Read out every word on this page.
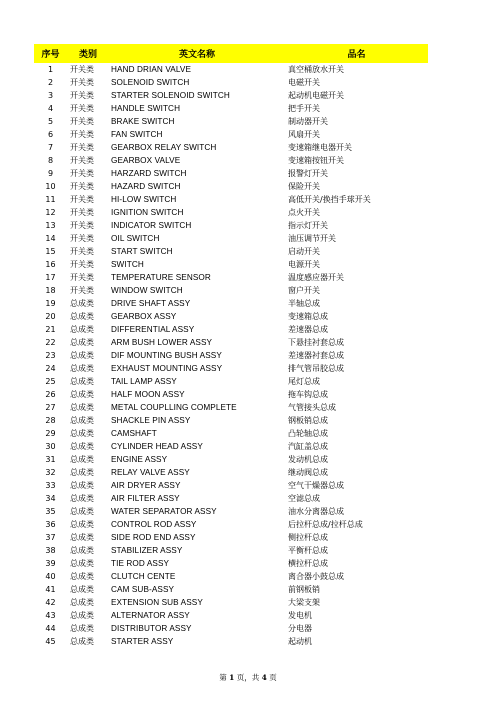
序号	类别	英文名称	品名
1	开关类	HAND DRIAN VALVE	真空桶放水开关
2	开关类	SOLENOID SWITCH	电磁开关
3	开关类	STARTER SOLENOID SWITCH	起动机电磁开关
4	开关类	HANDLE SWITCH	把手开关
5	开关类	BRAKE SWITCH	制动器开关
6	开关类	FAN SWITCH	风扇开关
7	开关类	GEARBOX RELAY SWITCH	变速箱继电器开关
8	开关类	GEARBOX VALVE	变速箱按钮开关
9	开关类	HARZARD SWITCH	报警灯开关
10	开关类	HAZARD SWITCH	保险开关
11	开关类	HI-LOW SWITCH	高低开关/换挡手球开关
12	开关类	IGNITION SWITCH	点火开关
13	开关类	INDICATOR SWITCH	指示灯开关
14	开关类	OIL SWITCH	油压调节开关
15	开关类	START SWITCH	启动开关
16	开关类	SWITCH	电源开关
17	开关类	TEMPERATURE SENSOR	温度感应器开关
18	开关类	WINDOW SWITCH	窗户开关
19	总成类	DRIVE SHAFT ASSY	半轴总成
20	总成类	GEARBOX ASSY	变速箱总成
21	总成类	DIFFERENTIAL ASSY	差速器总成
22	总成类	ARM BUSH LOWER ASSY	下悬挂衬套总成
23	总成类	DIF MOUNTING BUSH ASSY	差速器衬套总成
24	总成类	EXHAUST MOUNTING ASSY	排气管吊胶总成
25	总成类	TAIL LAMP ASSY	尾灯总成
26	总成类	HALF MOON ASSY	拖车钩总成
27	总成类	METAL COUPLLING COMPLETE	气管接头总成
28	总成类	SHACKLE PIN ASSY	钢板销总成
29	总成类	CAMSHAFT	凸轮轴总成
30	总成类	CYLINDER HEAD ASSY	汽缸盖总成
31	总成类	ENGINE ASSY	发动机总成
32	总成类	RELAY VALVE ASSY	继动阀总成
33	总成类	AIR DRYER ASSY	空气干燥器总成
34	总成类	AIR FILTER ASSY	空滤总成
35	总成类	WATER SEPARATOR ASSY	油水分离器总成
36	总成类	CONTROL ROD ASSY	后拉杆总成/拉杆总成
37	总成类	SIDE ROD END ASSY	侧拉杆总成
38	总成类	STABILIZER ASSY	平衡杆总成
39	总成类	TIE ROD ASSY	横拉杆总成
40	总成类	CLUTCH CENTE	离合器小鼓总成
41	总成类	CAM SUB-ASSY	前钢板销
42	总成类	EXTENSION SUB ASSY	大梁支架
43	总成类	ALTERNATOR ASSY	发电机
44	总成类	DISTRIBUTOR ASSY	分电器
45	总成类	STARTER ASSY	起动机
第 1 页，共 4 页
